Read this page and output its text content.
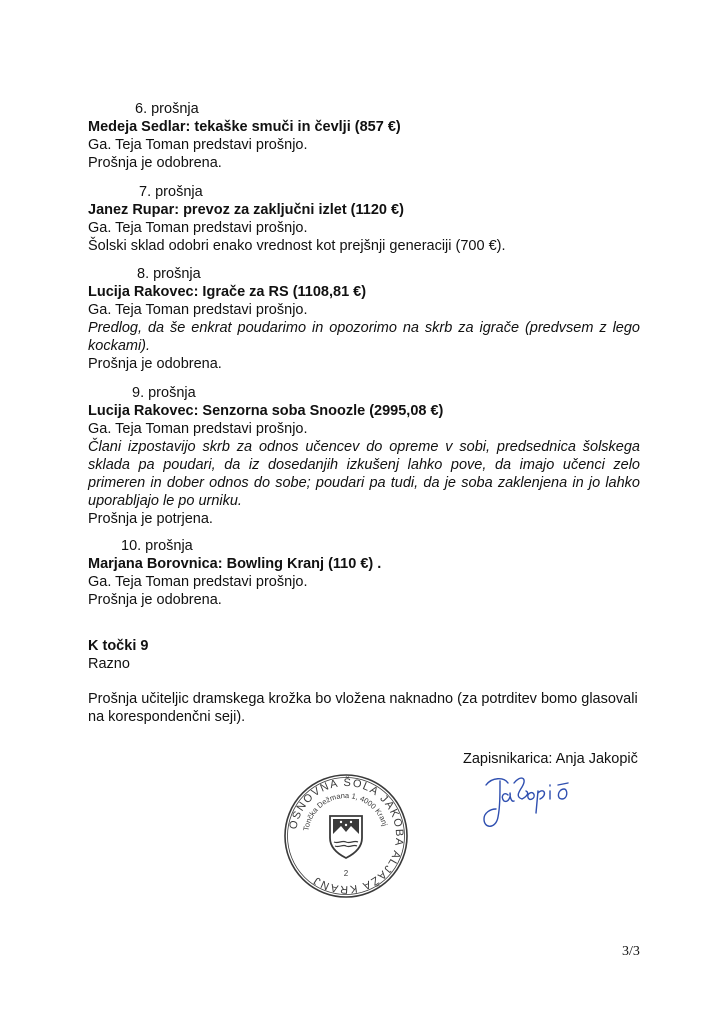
6. prošnja
Medeja Sedlar: tekaške smuči in čevlji (857 €)
Ga. Teja Toman predstavi prošnjo.
Prošnja je odobrena.
7. prošnja
Janez Rupar: prevoz za zaključni izlet (1120 €)
Ga. Teja Toman predstavi prošnjo.
Šolski sklad odobri enako vrednost kot prejšnji generaciji (700 €).
8. prošnja
Lucija Rakovec: Igrače za RS (1108,81 €)
Ga. Teja Toman predstavi prošnjo.
Predlog, da še enkrat poudarimo in opozorimo na skrb za igrače (predvsem z lego kockami).
Prošnja je odobrena.
9. prošnja
Lucija Rakovec: Senzorna soba Snoozle (2995,08 €)
Ga. Teja Toman predstavi prošnjo.
Člani izpostavijo skrb za odnos učencev do opreme v sobi, predsednica šolskega sklada pa poudari, da iz dosedanjih izkušenj lahko pove, da imajo učenci zelo primeren in dober odnos do sobe; poudari pa tudi, da je soba zaklenjena in jo lahko uporabljajo le po urniku.
Prošnja je potrjena.
10. prošnja
Marjana Borovnica: Bowling Kranj (110 €) .
Ga. Teja Toman predstavi prošnjo.
Prošnja je odobrena.
K točki 9
Razno
Prošnja učiteljic dramskega krožka bo vložena naknadno (za potrditev bomo glasovali na korespondenčni seji).
Zapisnikarica: Anja Jakopič
OSNOVNA ŠOLA JAKOBA ALJAŽA KRANJ
Tončka Dežmana 1, 4000 Kranj
2
3/3
